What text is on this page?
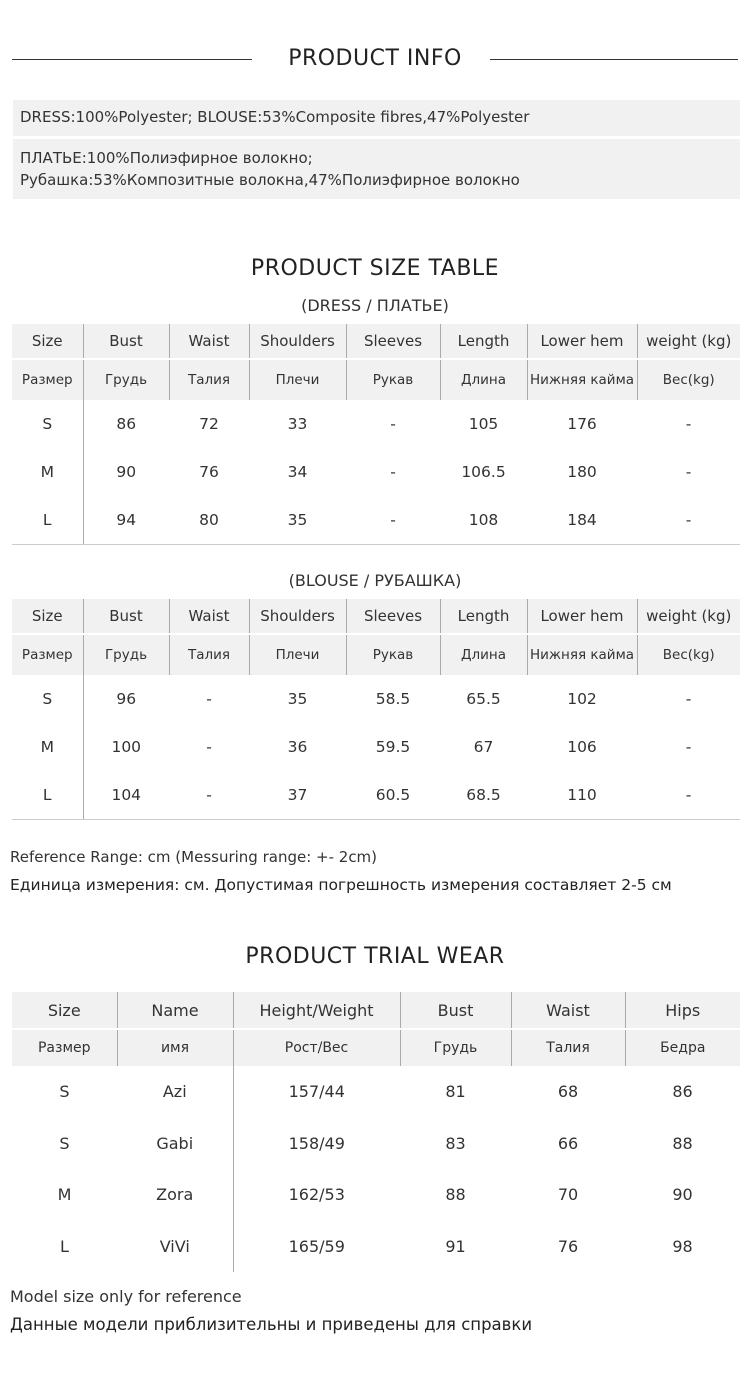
PRODUCT INFO
DRESS:100%Polyester; BLOUSE:53%Composite fibres,47%Polyester
ПЛАТЬЕ:100%Полиэфирное волокно;
Рубашка:53%Композитные волокна,47%Полиэфирное волокно
PRODUCT SIZE TABLE
(DRESS / ПЛАТЬЕ)
Size	Bust	Waist	Shoulders	Sleeves	Length	Lower hem	weight (kg)
Размер	Грудь	Талия	Плечи	Рукав	Длина	Нижняя кайма	Вес(kg)
S	86	72	33	-	105	176	-
M	90	76	34	-	106.5	180	-
L	94	80	35	-	108	184	-
(BLOUSE / РУБАШКА)
Size	Bust	Waist	Shoulders	Sleeves	Length	Lower hem	weight (kg)
Размер	Грудь	Талия	Плечи	Рукав	Длина	Нижняя кайма	Вес(kg)
S	96	-	35	58.5	65.5	102	-
M	100	-	36	59.5	67	106	-
L	104	-	37	60.5	68.5	110	-
Reference Range: cm (Messuring range: +- 2cm)
Единица измерения: см. Допустимая погрешность измерения составляет 2-5 см
PRODUCT TRIAL WEAR
Size	Name	Height/Weight	Bust	Waist	Hips
Размер	имя	Рост/Вес	Грудь	Талия	Бедра
S	Azi	157/44	81	68	86
S	Gabi	158/49	83	66	88
M	Zora	162/53	88	70	90
L	ViVi	165/59	91	76	98
Model size only for reference
Данные модели приблизительны и приведены для справки
